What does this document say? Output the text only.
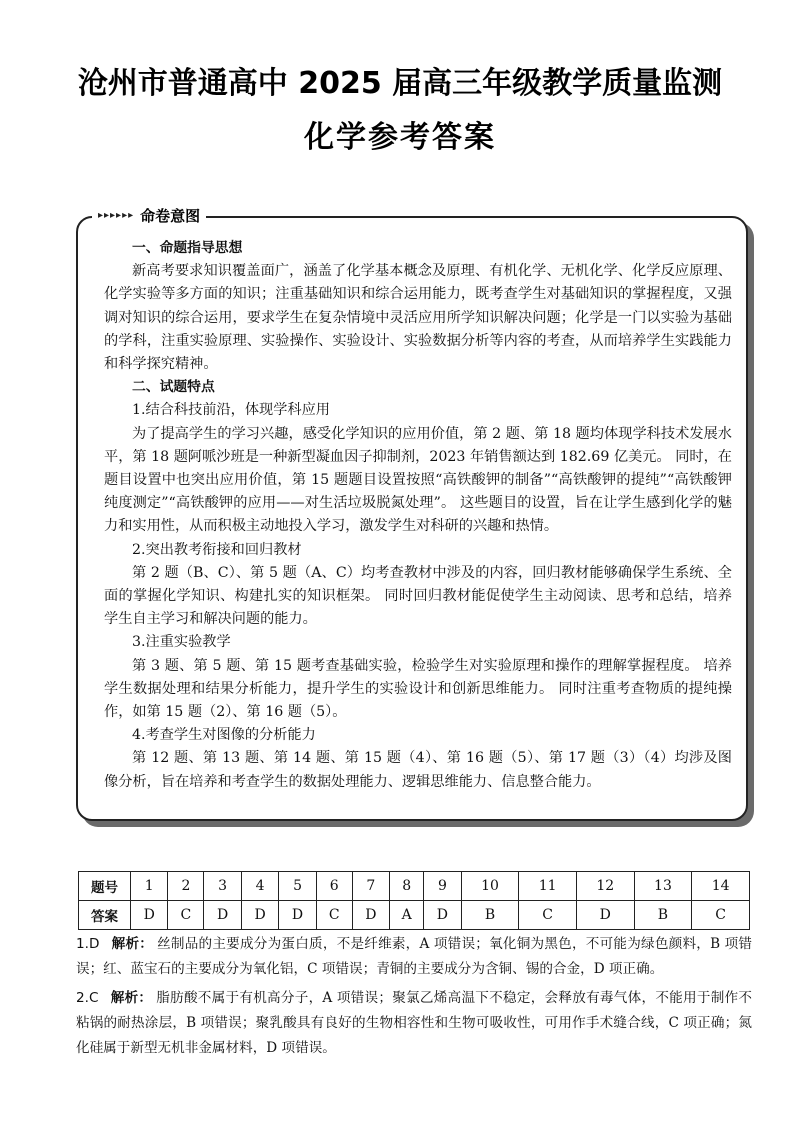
沧州市普通高中 2025 届高三年级教学质量监测
化学参考答案
▸▸▸▸▸▸ 命卷意图

一、命题指导思想

新高考要求知识覆盖面广，涵盖了化学基本概念及原理、有机化学、无机化学、化学反应原理、化学实验等多方面的知识；注重基础知识和综合运用能力，既考查学生对基础知识的掌握程度，又强调对知识的综合运用，要求学生在复杂情境中灵活应用所学知识解决问题；化学是一门以实验为基础的学科，注重实验原理、实验操作、实验设计、实验数据分析等内容的考查，从而培养学生实践能力和科学探究精神。

二、试题特点

1.结合科技前沿，体现学科应用

为了提高学生的学习兴趣，感受化学知识的应用价值，第 2 题、第 18 题均体现学科技术发展水平，第 18 题阿哌沙班是一种新型凝血因子抑制剂，2023 年销售额达到 182.69 亿美元。 同时，在题目设置中也突出应用价值，第 15 题题目设置按照“高铁酸钾的制备”“高铁酸钾的提纯”“高铁酸钾纯度测定”“高铁酸钾的应用——对生活垃圾脱氮处理”。 这些题目的设置，旨在让学生感到化学的魅力和实用性，从而积极主动地投入学习，激发学生对科研的兴趣和热情。

2.突出教考衔接和回归教材

第 2 题（B、C）、第 5 题（A、C）均考查教材中涉及的内容，回归教材能够确保学生系统、全面的掌握化学知识、构建扎实的知识框架。 同时回归教材能促使学生主动阅读、思考和总结，培养学生自主学习和解决问题的能力。

3.注重实验教学

第 3 题、第 5 题、第 15 题考查基础实验，检验学生对实验原理和操作的理解掌握程度。 培养学生数据处理和结果分析能力，提升学生的实验设计和创新思维能力。 同时注重考查物质的提纯操作，如第 15 题（2）、第 16 题（5）。

4.考查学生对图像的分析能力

第 12 题、第 13 题、第 14 题、第 15 题（4）、第 16 题（5）、第 17 题（3）（4）均涉及图像分析，旨在培养和考查学生的数据处理能力、逻辑思维能力、信息整合能力。

题号	1	2	3	4	5	6	7	8	9	10	11	12	13	14
答案	D	C	D	D	D	C	D	A	D	B	C	D	B	C
1.D 解析： 丝制品的主要成分为蛋白质，不是纤维素，A 项错误；氧化铜为黑色，不可能为绿色颜料，B 项错误；红、蓝宝石的主要成分为氧化铝，C 项错误；青铜的主要成分为含铜、锡的合金，D 项正确。
2.C 解析： 脂肪酸不属于有机高分子，A 项错误；聚氯乙烯高温下不稳定，会释放有毒气体，不能用于制作不粘锅的耐热涂层，B 项错误；聚乳酸具有良好的生物相容性和生物可吸收性，可用作手术缝合线，C 项正确；氮化硅属于新型无机非金属材料，D 项错误。
